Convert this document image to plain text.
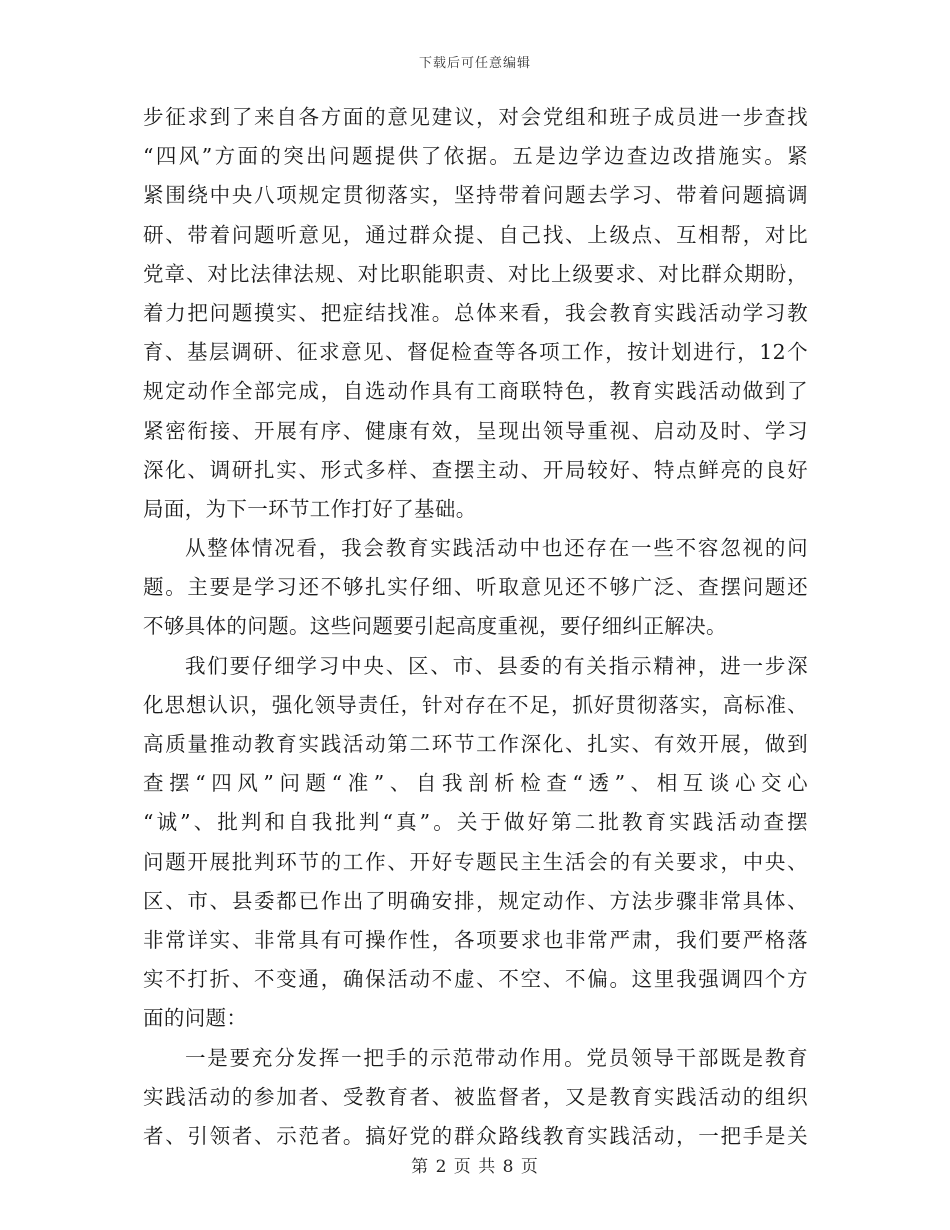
下载后可任意编辑
步征求到了来自各方面的意见建议，对会党组和班子成员进一步查找
“四风”方面的突出问题提供了依据。五是边学边查边改措施实。紧
紧围绕中央八项规定贯彻落实，坚持带着问题去学习、带着问题搞调
研、带着问题听意见，通过群众提、自己找、上级点、互相帮，对比
党章、对比法律法规、对比职能职责、对比上级要求、对比群众期盼，
着力把问题摸实、把症结找准。总体来看，我会教育实践活动学习教
育、基层调研、征求意见、督促检查等各项工作，按计划进行，12个
规定动作全部完成，自选动作具有工商联特色，教育实践活动做到了
紧密衔接、开展有序、健康有效，呈现出领导重视、启动及时、学习
深化、调研扎实、形式多样、查摆主动、开局较好、特点鲜亮的良好
局面，为下一环节工作打好了基础。
从整体情况看，我会教育实践活动中也还存在一些不容忽视的问
题。主要是学习还不够扎实仔细、听取意见还不够广泛、查摆问题还
不够具体的问题。这些问题要引起高度重视，要仔细纠正解决。
我们要仔细学习中央、区、市、县委的有关指示精神，进一步深
化思想认识，强化领导责任，针对存在不足，抓好贯彻落实，高标准、
高质量推动教育实践活动第二环节工作深化、扎实、有效开展，做到
查摆“四风”问题“准”、自我剖析检查“透”、相互谈心交心
“诚”、批判和自我批判“真”。关于做好第二批教育实践活动查摆
问题开展批判环节的工作、开好专题民主生活会的有关要求，中央、
区、市、县委都已作出了明确安排，规定动作、方法步骤非常具体、
非常详实、非常具有可操作性，各项要求也非常严肃，我们要严格落
实不打折、不变通，确保活动不虚、不空、不偏。这里我强调四个方
面的问题：
一是要充分发挥一把手的示范带动作用。党员领导干部既是教育
实践活动的参加者、受教育者、被监督者，又是教育实践活动的组织
者、引领者、示范者。搞好党的群众路线教育实践活动，一把手是关
第 2 页 共 8 页
